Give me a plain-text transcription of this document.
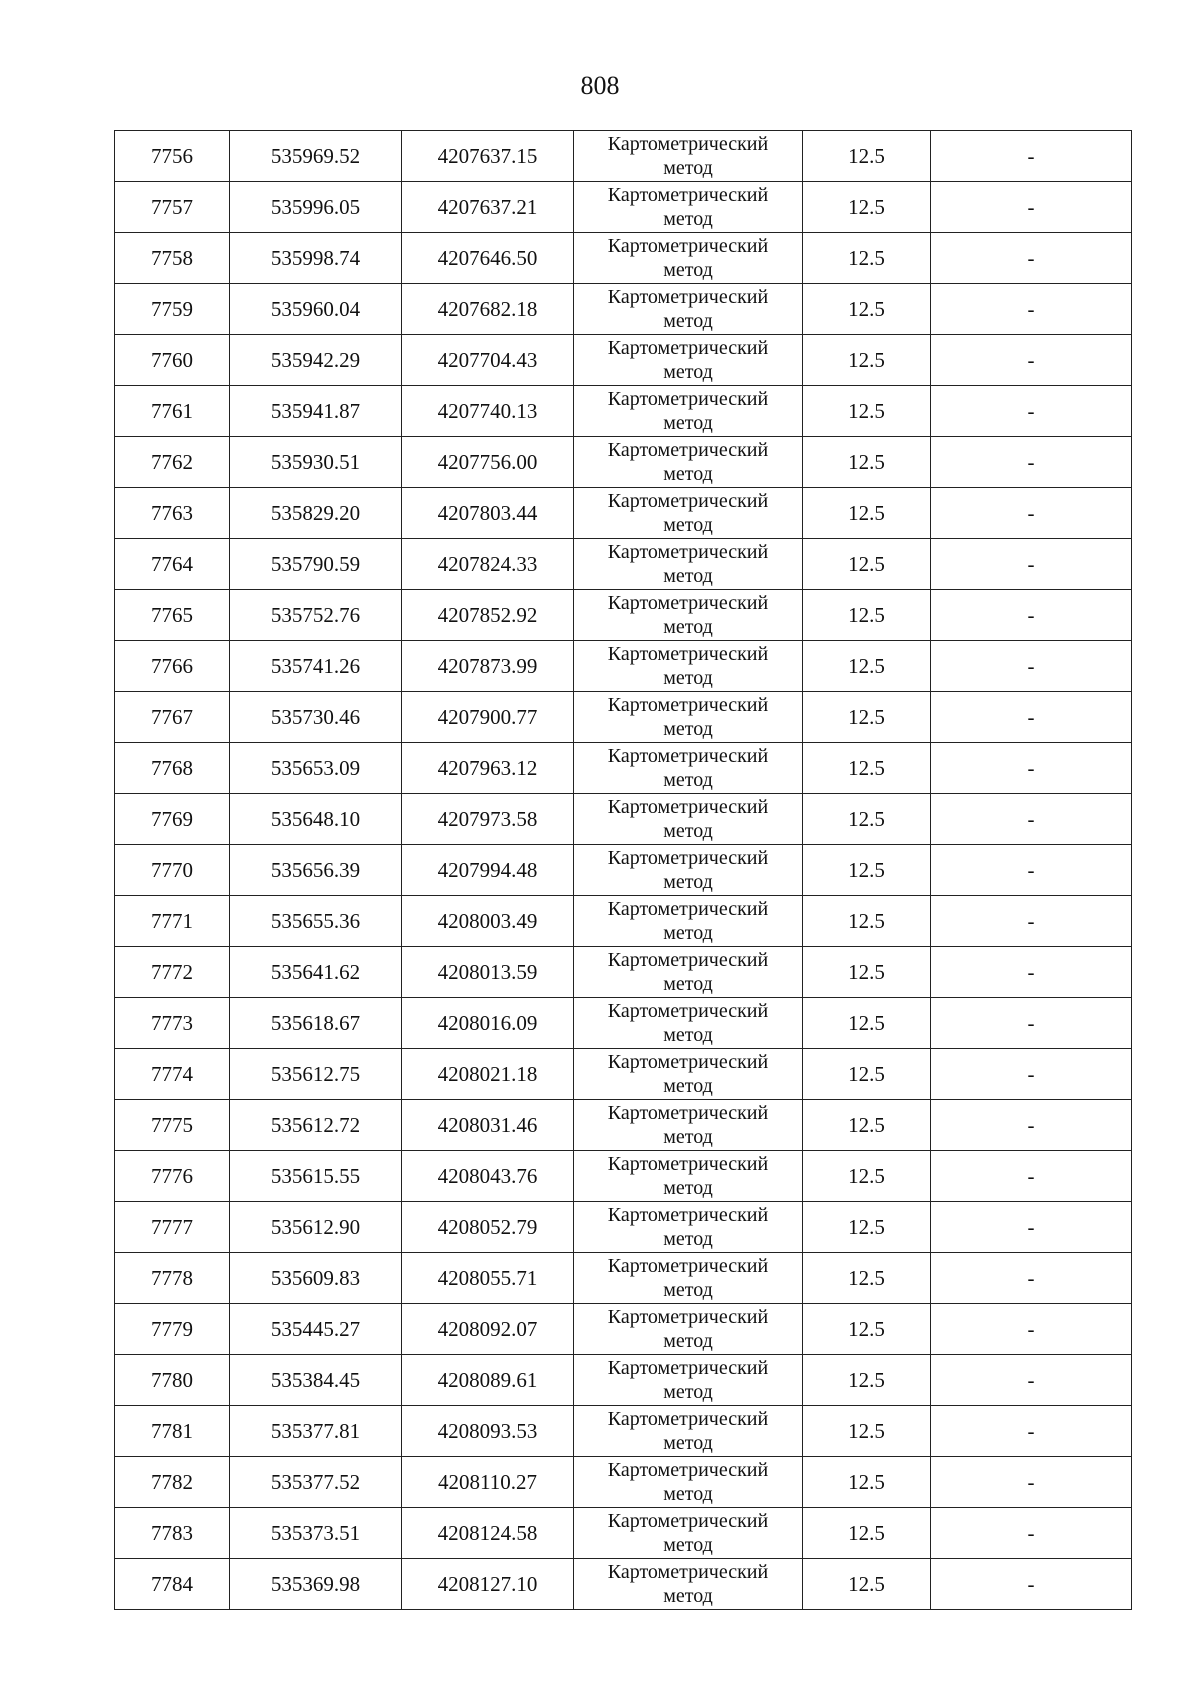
808
7756	535969.52	4207637.15	Картометрический
метод	12.5	-
7757	535996.05	4207637.21	Картометрический
метод	12.5	-
7758	535998.74	4207646.50	Картометрический
метод	12.5	-
7759	535960.04	4207682.18	Картометрический
метод	12.5	-
7760	535942.29	4207704.43	Картометрический
метод	12.5	-
7761	535941.87	4207740.13	Картометрический
метод	12.5	-
7762	535930.51	4207756.00	Картометрический
метод	12.5	-
7763	535829.20	4207803.44	Картометрический
метод	12.5	-
7764	535790.59	4207824.33	Картометрический
метод	12.5	-
7765	535752.76	4207852.92	Картометрический
метод	12.5	-
7766	535741.26	4207873.99	Картометрический
метод	12.5	-
7767	535730.46	4207900.77	Картометрический
метод	12.5	-
7768	535653.09	4207963.12	Картометрический
метод	12.5	-
7769	535648.10	4207973.58	Картометрический
метод	12.5	-
7770	535656.39	4207994.48	Картометрический
метод	12.5	-
7771	535655.36	4208003.49	Картометрический
метод	12.5	-
7772	535641.62	4208013.59	Картометрический
метод	12.5	-
7773	535618.67	4208016.09	Картометрический
метод	12.5	-
7774	535612.75	4208021.18	Картометрический
метод	12.5	-
7775	535612.72	4208031.46	Картометрический
метод	12.5	-
7776	535615.55	4208043.76	Картометрический
метод	12.5	-
7777	535612.90	4208052.79	Картометрический
метод	12.5	-
7778	535609.83	4208055.71	Картометрический
метод	12.5	-
7779	535445.27	4208092.07	Картометрический
метод	12.5	-
7780	535384.45	4208089.61	Картометрический
метод	12.5	-
7781	535377.81	4208093.53	Картометрический
метод	12.5	-
7782	535377.52	4208110.27	Картометрический
метод	12.5	-
7783	535373.51	4208124.58	Картометрический
метод	12.5	-
7784	535369.98	4208127.10	Картометрический
метод	12.5	-
